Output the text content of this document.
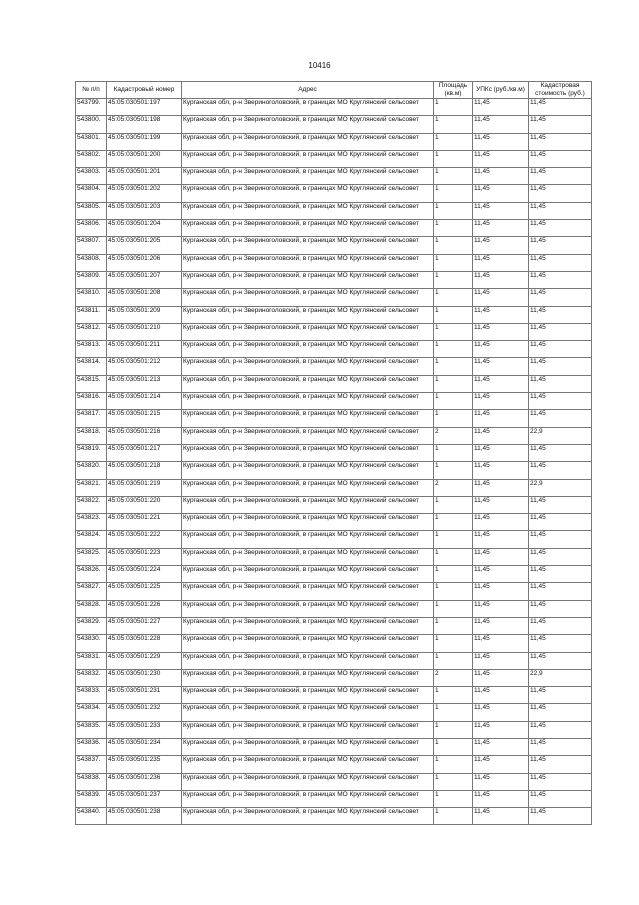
10416
№ п/п	Кадастровый номер	Адрес	Площадь (кв.м)	УПКс (руб./кв.м)	Кадастровая стоимость (руб.)
543799.	45:05:030501:197	Курганская обл, р-н Звериноголовский, в границах МО Круглянский сельсовет	1	11,45	11,45
543800.	45:05:030501:198	Курганская обл, р-н Звериноголовский, в границах МО Круглянский сельсовет	1	11,45	11,45
543801.	45:05:030501:199	Курганская обл, р-н Звериноголовский, в границах МО Круглянский сельсовет	1	11,45	11,45
543802.	45:05:030501:200	Курганская обл, р-н Звериноголовский, в границах МО Круглянский сельсовет	1	11,45	11,45
543803.	45:05:030501:201	Курганская обл, р-н Звериноголовский, в границах МО Круглянский сельсовет	1	11,45	11,45
543804.	45:05:030501:202	Курганская обл, р-н Звериноголовский, в границах МО Круглянский сельсовет	1	11,45	11,45
543805.	45:05:030501:203	Курганская обл, р-н Звериноголовский, в границах МО Круглянский сельсовет	1	11,45	11,45
543806.	45:05:030501:204	Курганская обл, р-н Звериноголовский, в границах МО Круглянский сельсовет	1	11,45	11,45
543807.	45:05:030501:205	Курганская обл, р-н Звериноголовский, в границах МО Круглянский сельсовет	1	11,45	11,45
543808.	45:05:030501:206	Курганская обл, р-н Звериноголовский, в границах МО Круглянский сельсовет	1	11,45	11,45
543809.	45:05:030501:207	Курганская обл, р-н Звериноголовский, в границах МО Круглянский сельсовет	1	11,45	11,45
543810.	45:05:030501:208	Курганская обл, р-н Звериноголовский, в границах МО Круглянский сельсовет	1	11,45	11,45
543811.	45:05:030501:209	Курганская обл, р-н Звериноголовский, в границах МО Круглянский сельсовет	1	11,45	11,45
543812.	45:05:030501:210	Курганская обл, р-н Звериноголовский, в границах МО Круглянский сельсовет	1	11,45	11,45
543813.	45:05:030501:211	Курганская обл, р-н Звериноголовский, в границах МО Круглянский сельсовет	1	11,45	11,45
543814.	45:05:030501:212	Курганская обл, р-н Звериноголовский, в границах МО Круглянский сельсовет	1	11,45	11,45
543815.	45:05:030501:213	Курганская обл, р-н Звериноголовский, в границах МО Круглянский сельсовет	1	11,45	11,45
543816.	45:05:030501:214	Курганская обл, р-н Звериноголовский, в границах МО Круглянский сельсовет	1	11,45	11,45
543817.	45:05:030501:215	Курганская обл, р-н Звериноголовский, в границах МО Круглянский сельсовет	1	11,45	11,45
543818.	45:05:030501:216	Курганская обл, р-н Звериноголовский, в границах МО Круглянский сельсовет	2	11,45	22,9
543819.	45:05:030501:217	Курганская обл, р-н Звериноголовский, в границах МО Круглянский сельсовет	1	11,45	11,45
543820.	45:05:030501:218	Курганская обл, р-н Звериноголовский, в границах МО Круглянский сельсовет	1	11,45	11,45
543821.	45:05:030501:219	Курганская обл, р-н Звериноголовский, в границах МО Круглянский сельсовет	2	11,45	22,9
543822.	45:05:030501:220	Курганская обл, р-н Звериноголовский, в границах МО Круглянский сельсовет	1	11,45	11,45
543823.	45:05:030501:221	Курганская обл, р-н Звериноголовский, в границах МО Круглянский сельсовет	1	11,45	11,45
543824.	45:05:030501:222	Курганская обл, р-н Звериноголовский, в границах МО Круглянский сельсовет	1	11,45	11,45
543825.	45:05:030501:223	Курганская обл, р-н Звериноголовский, в границах МО Круглянский сельсовет	1	11,45	11,45
543826.	45:05:030501:224	Курганская обл, р-н Звериноголовский, в границах МО Круглянский сельсовет	1	11,45	11,45
543827.	45:05:030501:225	Курганская обл, р-н Звериноголовский, в границах МО Круглянский сельсовет	1	11,45	11,45
543828.	45:05:030501:226	Курганская обл, р-н Звериноголовский, в границах МО Круглянский сельсовет	1	11,45	11,45
543829.	45:05:030501:227	Курганская обл, р-н Звериноголовский, в границах МО Круглянский сельсовет	1	11,45	11,45
543830.	45:05:030501:228	Курганская обл, р-н Звериноголовский, в границах МО Круглянский сельсовет	1	11,45	11,45
543831.	45:05:030501:229	Курганская обл, р-н Звериноголовский, в границах МО Круглянский сельсовет	1	11,45	11,45
543832.	45:05:030501:230	Курганская обл, р-н Звериноголовский, в границах МО Круглянский сельсовет	2	11,45	22,9
543833.	45:05:030501:231	Курганская обл, р-н Звериноголовский, в границах МО Круглянский сельсовет	1	11,45	11,45
543834.	45:05:030501:232	Курганская обл, р-н Звериноголовский, в границах МО Круглянский сельсовет	1	11,45	11,45
543835.	45:05:030501:233	Курганская обл, р-н Звериноголовский, в границах МО Круглянский сельсовет	1	11,45	11,45
543836.	45:05:030501:234	Курганская обл, р-н Звериноголовский, в границах МО Круглянский сельсовет	1	11,45	11,45
543837.	45:05:030501:235	Курганская обл, р-н Звериноголовский, в границах МО Круглянский сельсовет	1	11,45	11,45
543838.	45:05:030501:236	Курганская обл, р-н Звериноголовский, в границах МО Круглянский сельсовет	1	11,45	11,45
543839.	45:05:030501:237	Курганская обл, р-н Звериноголовский, в границах МО Круглянский сельсовет	1	11,45	11,45
543840.	45:05:030501:238	Курганская обл, р-н Звериноголовский, в границах МО Круглянский сельсовет	1	11,45	11,45
